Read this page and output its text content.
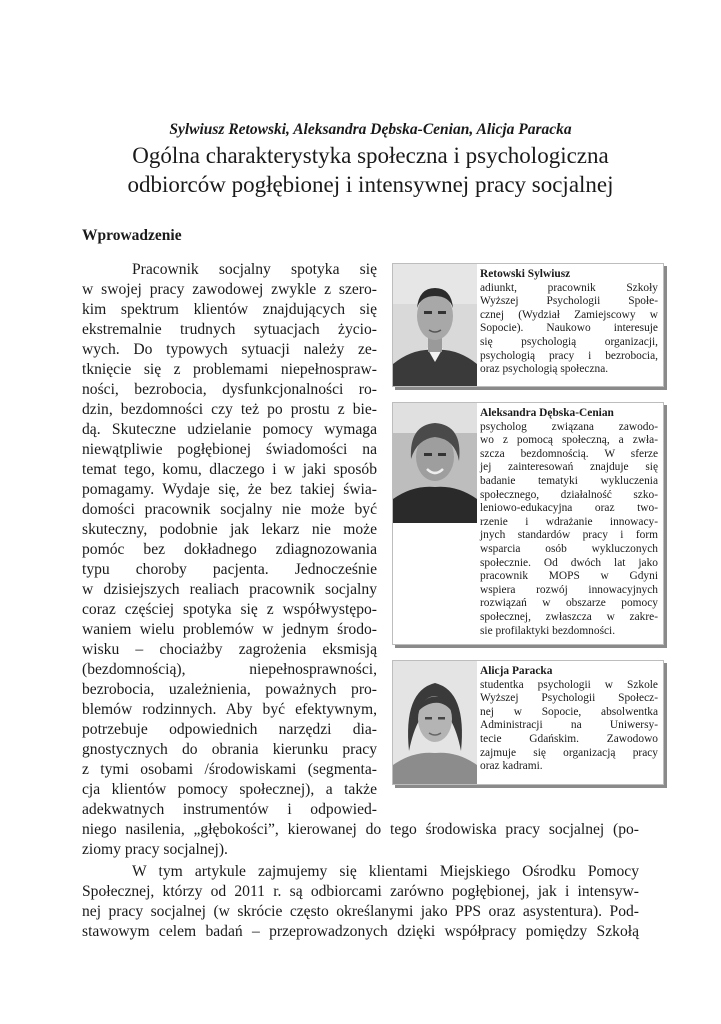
Sylwiusz Retowski, Aleksandra Dębska-Cenian, Alicja Paracka
Ogólna charakterystyka społeczna i psychologiczna
odbiorców pogłębionej i intensywnej pracy socjalnej
Wprowadzenie
Pracownik socjalny spotyka się
w swojej pracy zawodowej zwykle z szero-
kim spektrum klientów znajdujących się
ekstremalnie trudnych sytuacjach życio-
wych. Do typowych sytuacji należy ze-
tknięcie się z problemami niepełnospraw-
ności, bezrobocia, dysfunkcjonalności ro-
dzin, bezdomności czy też po prostu z bie-
dą. Skuteczne udzielanie pomocy wymaga
niewątpliwie pogłębionej świadomości na
temat tego, komu, dlaczego i w jaki sposób
pomagamy. Wydaje się, że bez takiej świa-
domości pracownik socjalny nie może być
skuteczny, podobnie jak lekarz nie może
pomóc bez dokładnego zdiagnozowania
typu choroby pacjenta. Jednocześnie
w dzisiejszych realiach pracownik socjalny
coraz częściej spotyka się z współwystępo-
waniem wielu problemów w jednym środo-
wisku – chociażby zagrożenia eksmisją
(bezdomnością), niepełnosprawności,
bezrobocia, uzależnienia, poważnych pro-
blemów rodzinnych. Aby być efektywnym,
potrzebuje odpowiednich narzędzi dia-
gnostycznych do obrania kierunku pracy
z tymi osobami /środowiskami (segmenta-
cja klientów pomocy społecznej), a także
adekwatnych instrumentów i odpowied-
niego nasilenia, „głębokości”, kierowanej do tego środowiska pracy socjalnej (po-
ziomy pracy socjalnej).
W tym artykule zajmujemy się klientami Miejskiego Ośrodku Pomocy
Społecznej, którzy od 2011 r. są odbiorcami zarówno pogłębionej, jak i intensyw-
nej pracy socjalnej (w skrócie często określanymi jako PPS oraz asystentura). Pod-
stawowym celem badań – przeprowadzonych dzięki współpracy pomiędzy Szkołą
Retowski Sylwiusz
adiunkt, pracownik Szkoły
Wyższej Psychologii Społe-
cznej (Wydział Zamiejscowy w
Sopocie). Naukowo interesuje
się psychologią organizacji,
psychologią pracy i bezrobocia,
oraz psychologią społeczna.
Aleksandra Dębska-Cenian
psycholog związana zawodo-
wo z pomocą społeczną, a zwła-
szcza bezdomnością. W sferze
jej zainteresowań znajduje się
badanie tematyki wykluczenia
społecznego, działalność szko-
leniowo-edukacyjna oraz two-
rzenie i wdrażanie innowacy-
jnych standardów pracy i form
wsparcia osób wykluczonych
społecznie. Od dwóch lat jako
pracownik MOPS w Gdyni
wspiera rozwój innowacyjnych
rozwiązań w obszarze pomocy
społecznej, zwłaszcza w zakre-
sie profilaktyki bezdomności.
Alicja Paracka
studentka psychologii w Szkole
Wyższej Psychologii Społecz-
nej w Sopocie, absolwentka
Administracji na Uniwersy-
tecie Gdańskim. Zawodowo
zajmuje się organizacją pracy
oraz kadrami.
